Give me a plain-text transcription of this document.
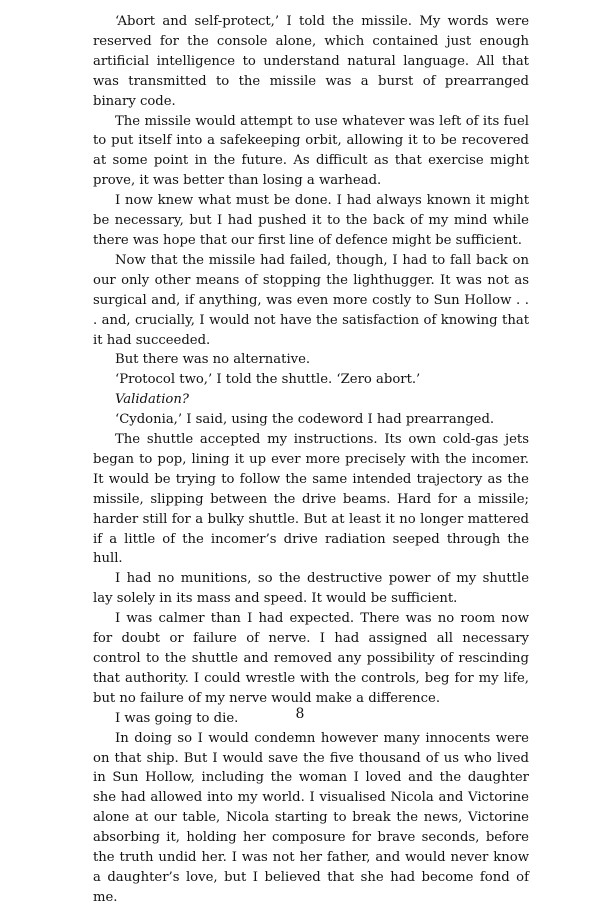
‘Abort and self-protect,’ I told the missile. My words were reserved for the console alone, which contained just enough artificial intelligence to understand natural language. All that was transmitted to the missile was a burst of prearranged binary code.

The missile would attempt to use whatever was left of its fuel to put itself into a safekeeping orbit, allowing it to be recovered at some point in the future. As difficult as that exercise might prove, it was better than losing a warhead.

I now knew what must be done. I had always known it might be necessary, but I had pushed it to the back of my mind while there was hope that our first line of defence might be sufficient.

Now that the missile had failed, though, I had to fall back on our only other means of stopping the lighthugger. It was not as surgical and, if anything, was even more costly to Sun Hollow . . . and, crucially, I would not have the satisfaction of knowing that it had succeeded.

But there was no alternative.

‘Protocol two,’ I told the shuttle. ‘Zero abort.’

Validation?

‘Cydonia,’ I said, using the codeword I had prearranged.

The shuttle accepted my instructions. Its own cold-gas jets began to pop, lining it up ever more precisely with the incomer. It would be trying to follow the same intended trajectory as the missile, slipping between the drive beams. Hard for a missile; harder still for a bulky shuttle. But at least it no longer mattered if a little of the incomer’s drive radiation seeped through the hull.

I had no munitions, so the destructive power of my shuttle lay solely in its mass and speed. It would be sufficient.

I was calmer than I had expected. There was no room now for doubt or failure of nerve. I had assigned all necessary control to the shuttle and removed any possibility of rescinding that authority. I could wrestle with the controls, beg for my life, but no failure of my nerve would make a difference.

I was going to die.

In doing so I would condemn however many innocents were on that ship. But I would save the five thousand of us who lived in Sun Hollow, including the woman I loved and the daughter she had allowed into my world. I visualised Nicola and Victorine alone at our table, Nicola starting to break the news, Victorine absorbing it, holding her composure for brave seconds, before the truth undid her. I was not her father, and would never know a daughter’s love, but I believed that she had become fond of me.

8
